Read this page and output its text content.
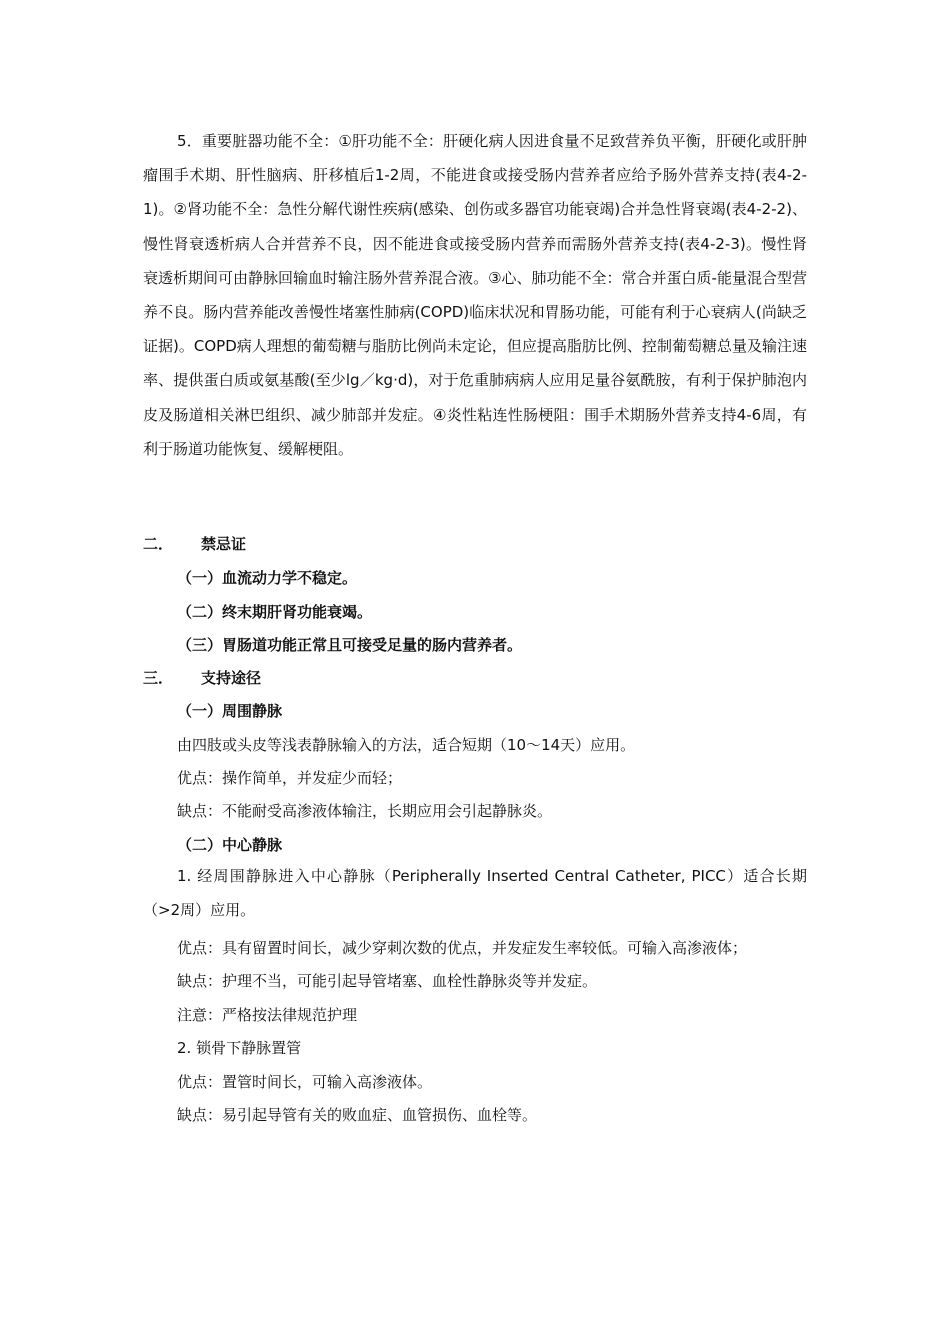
5．重要脏器功能不全：①肝功能不全：肝硬化病人因进食量不足致营养负平衡，肝硬化或肝肿瘤围手术期、肝性脑病、肝移植后1-2周，不能进食或接受肠内营养者应给予肠外营养支持(表4-2-1)。②肾功能不全：急性分解代谢性疾病(感染、创伤或多器官功能衰竭)合并急性肾衰竭(表4-2-2)、慢性肾衰透析病人合并营养不良，因不能进食或接受肠内营养而需肠外营养支持(表4-2-3)。慢性肾衰透析期间可由静脉回输血时输注肠外营养混合液。③心、肺功能不全：常合并蛋白质-能量混合型营养不良。肠内营养能改善慢性堵塞性肺病(COPD)临床状况和胃肠功能，可能有利于心衰病人(尚缺乏证据)。COPD病人理想的葡萄糖与脂肪比例尚未定论，但应提高脂肪比例、控制葡萄糖总量及输注速率、提供蛋白质或氨基酸(至少lg／kg·d)，对于危重肺病病人应用足量谷氨酰胺，有利于保护肺泡内皮及肠道相关淋巴组织、减少肺部并发症。④炎性粘连性肠梗阻：围手术期肠外营养支持4-6周，有利于肠道功能恢复、缓解梗阻。

二． 禁忌证
（一）血流动力学不稳定。
（二）终末期肝肾功能衰竭。
（三）胃肠道功能正常且可接受足量的肠内营养者。
三． 支持途径
（一）周围静脉
由四肢或头皮等浅表静脉输入的方法，适合短期（10～14天）应用。
优点：操作简单，并发症少而轻；
缺点：不能耐受高渗液体输注，长期应用会引起静脉炎。
（二）中心静脉

1. 经周围静脉进入中心静脉（Peripherally Inserted Central Catheter, PICC）适合长期（>2周）应用。

优点：具有留置时间长，减少穿刺次数的优点，并发症发生率较低。可输入高渗液体；
缺点：护理不当，可能引起导管堵塞、血栓性静脉炎等并发症。
注意：严格按法律规范护理
2. 锁骨下静脉置管
优点：置管时间长，可输入高渗液体。
缺点：易引起导管有关的败血症、血管损伤、血栓等。
